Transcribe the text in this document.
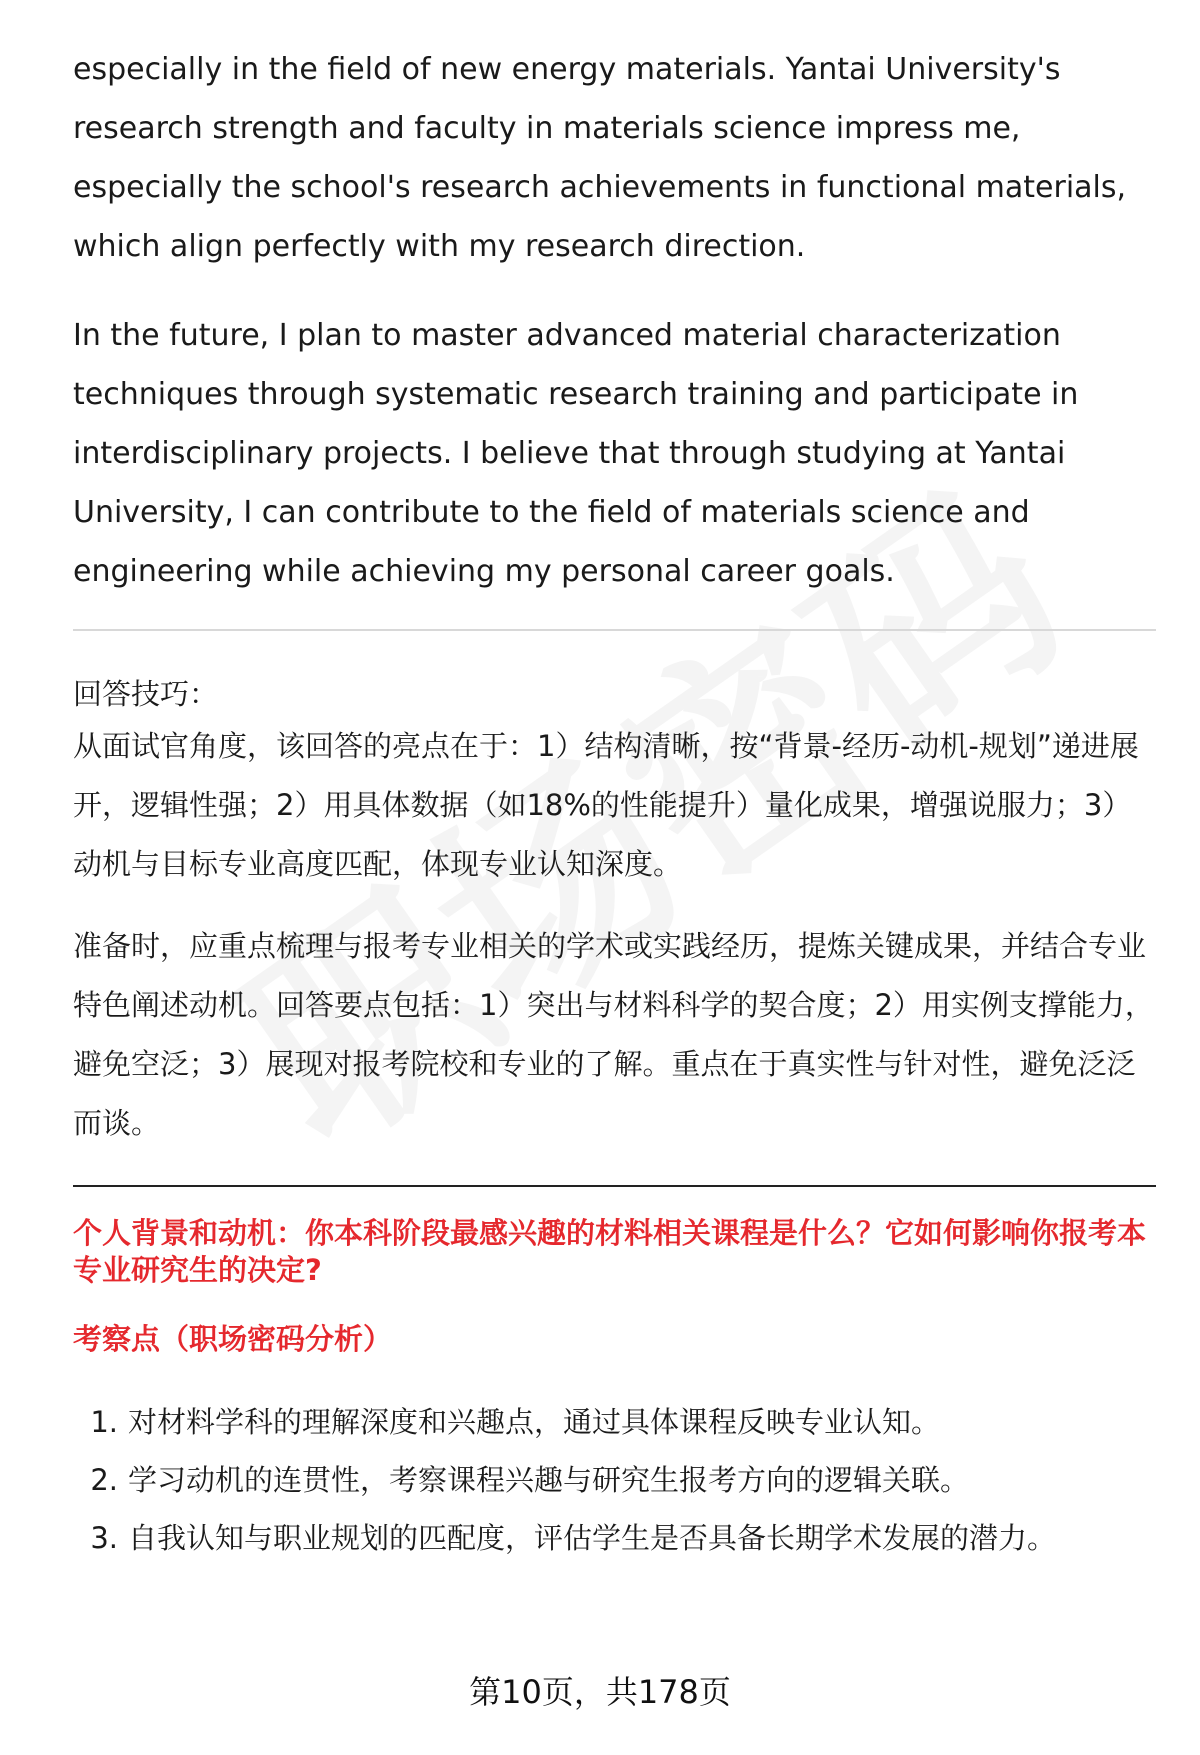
especially in the field of new energy materials. Yantai University's research strength and faculty in materials science impress me, especially the school's research achievements in functional materials, which align perfectly with my research direction.

In the future, I plan to master advanced material characterization techniques through systematic research training and participate in interdisciplinary projects. I believe that through studying at Yantai University, I can contribute to the field of materials science and engineering while achieving my personal career goals.

回答技巧：

从面试官角度，该回答的亮点在于：1）结构清晰，按“背景-经历-动机-规划”递进展开，逻辑性强；2）用具体数据（如18%的性能提升）量化成果，增强说服力；3）动机与目标专业高度匹配，体现专业认知深度。

准备时，应重点梳理与报考专业相关的学术或实践经历，提炼关键成果，并结合专业特色阐述动机。回答要点包括：1）突出与材料科学的契合度；2）用实例支撑能力，避免空泛；3）展现对报考院校和专业的了解。重点在于真实性与针对性，避免泛泛而谈。

个人背景和动机：你本科阶段最感兴趣的材料相关课程是什么？它如何影响你报考本专业研究生的决定?

考察点（职场密码分析）

1. 对材料学科的理解深度和兴趣点，通过具体课程反映专业认知。
2. 学习动机的连贯性，考察课程兴趣与研究生报考方向的逻辑关联。
3. 自我认知与职业规划的匹配度，评估学生是否具备长期学术发展的潜力。
第10页，共178页
